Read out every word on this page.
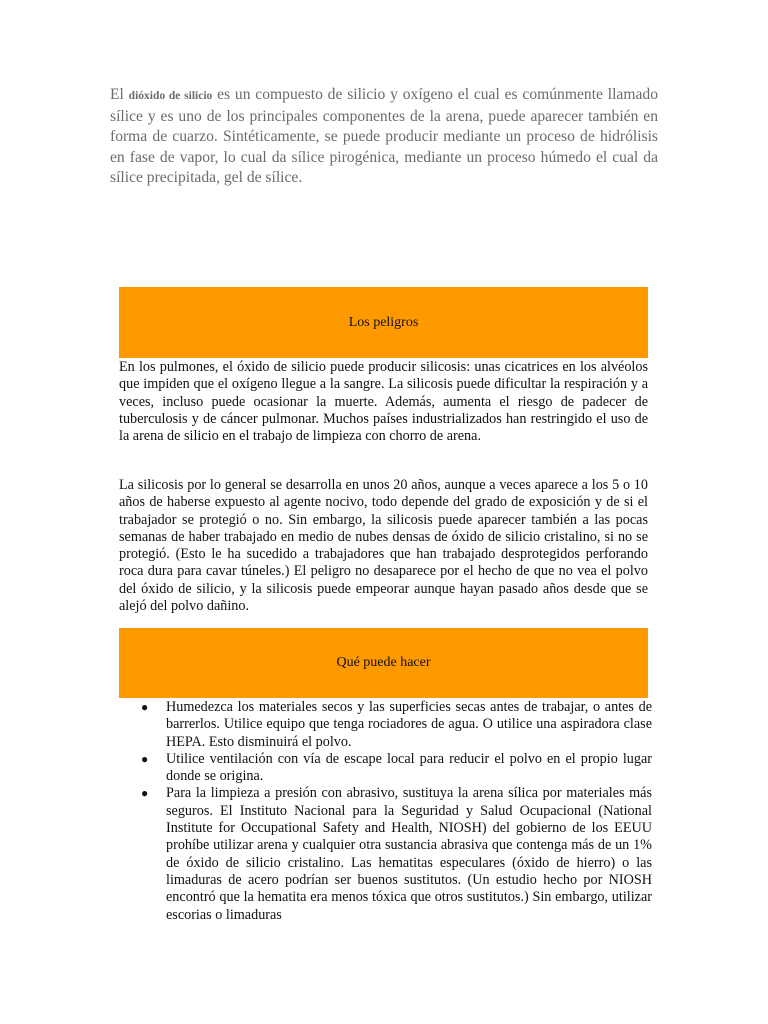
El dióxido de silicio es un compuesto de silicio y oxígeno el cual es comúnmente llamado sílice y es uno de los principales componentes de la arena, puede aparecer también en forma de cuarzo. Sintéticamente, se puede producir mediante un proceso de hidrólisis en fase de vapor, lo cual da sílice pirogénica, mediante un proceso húmedo el cual da sílice precipitada, gel de sílice.

Los peligros

En los pulmones, el óxido de silicio puede producir silicosis: unas cicatrices en los alvéolos que impiden que el oxígeno llegue a la sangre. La silicosis puede dificultar la respiración y a veces, incluso puede ocasionar la muerte. Además, aumenta el riesgo de padecer de tuberculosis y de cáncer pulmonar. Muchos países industrializados han restringido el uso de la arena de silicio en el trabajo de limpieza con chorro de arena.

La silicosis por lo general se desarrolla en unos 20 años, aunque a veces aparece a los 5 o 10 años de haberse expuesto al agente nocivo, todo depende del grado de exposición y de si el trabajador se protegió o no. Sin embargo, la silicosis puede aparecer también a las pocas semanas de haber trabajado en medio de nubes densas de óxido de silicio cristalino, si no se protegió. (Esto le ha sucedido a trabajadores que han trabajado desprotegidos perforando roca dura para cavar túneles.) El peligro no desaparece por el hecho de que no vea el polvo del óxido de silicio, y la silicosis puede empeorar aunque hayan pasado años desde que se alejó del polvo dañino.

Qué puede hacer
● Humedezca los materiales secos y las superficies secas antes de trabajar, o antes de barrerlos. Utilice equipo que tenga rociadores de agua. O utilice una aspiradora clase HEPA. Esto disminuirá el polvo.
● Utilice ventilación con vía de escape local para reducir el polvo en el propio lugar donde se origina.
● Para la limpieza a presión con abrasivo, sustituya la arena sílica por materiales más seguros. El Instituto Nacional para la Seguridad y Salud Ocupacional (National Institute for Occupational Safety and Health, NIOSH) del gobierno de los EEUU prohíbe utilizar arena y cualquier otra sustancia abrasiva que contenga más de un 1% de óxido de silicio cristalino. Las hematitas especulares (óxido de hierro) o las limaduras de acero podrían ser buenos sustitutos. (Un estudio hecho por NIOSH encontró que la hematita era menos tóxica que otros sustitutos.) Sin embargo, utilizar escorias o limaduras
